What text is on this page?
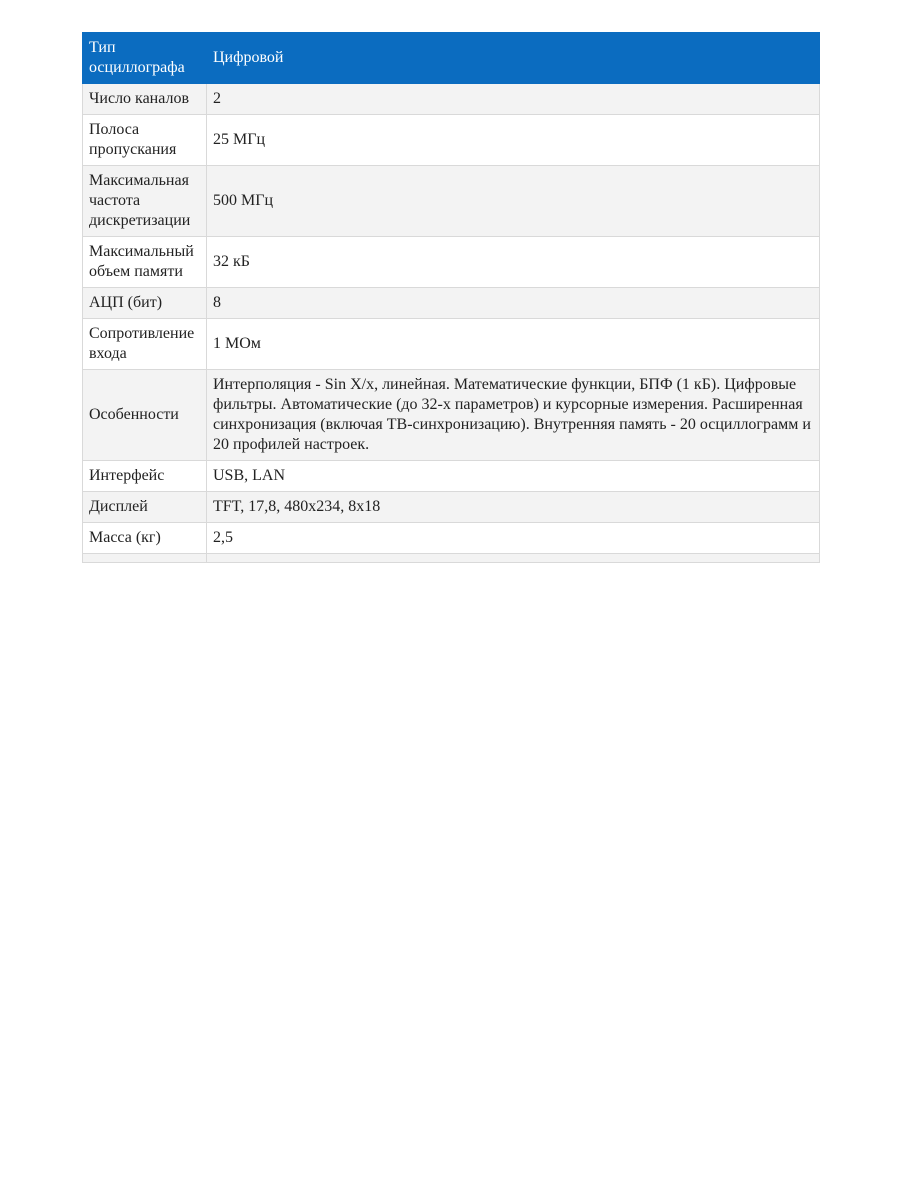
Тип осциллографа	Цифровой
Число каналов	2
Полоса пропускания	25 МГц
Максимальная частота дискретизации	500 МГц
Максимальный объем памяти	32 кБ
АЦП (бит)	8
Сопротивление входа	1 МОм
Особенности	Интерполяция - Sin X/x, линейная. Математические функции, БПФ (1 кБ). Цифровые фильтры. Автоматические (до 32-х параметров) и курсорные измерения. Расширенная синхронизация (включая ТВ-синхронизацию). Внутренняя память - 20 осциллограмм и 20 профилей настроек.
Интерфейс	USB, LAN
Дисплей	TFT, 17,8, 480x234, 8x18
Масса (кг)	2,5
